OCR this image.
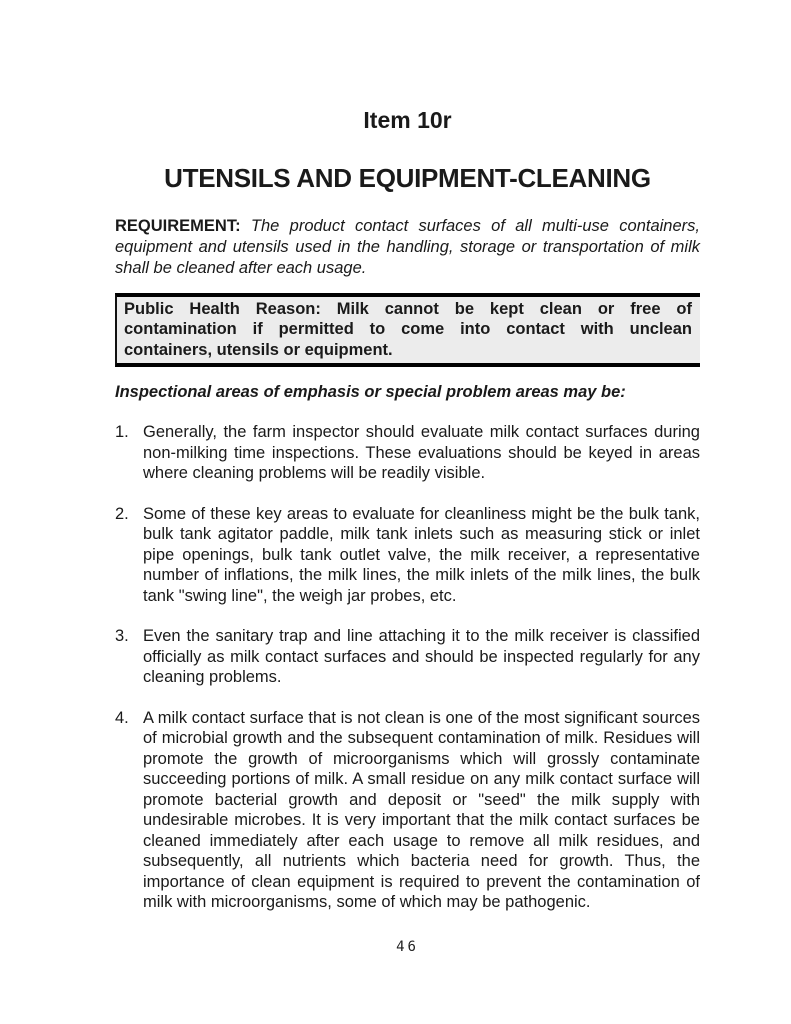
Item 10r
UTENSILS AND EQUIPMENT-CLEANING

REQUIREMENT: The product contact surfaces of all multi-use containers, equipment and utensils used in the handling, storage or transportation of milk shall be cleaned after each usage.

Public Health Reason: Milk cannot be kept clean or free of contamination if permitted to come into contact with unclean containers, utensils or equipment.

Inspectional areas of emphasis or special problem areas may be:

1. Generally, the farm inspector should evaluate milk contact surfaces during non-milking time inspections. These evaluations should be keyed in areas where cleaning problems will be readily visible.
2. Some of these key areas to evaluate for cleanliness might be the bulk tank, bulk tank agitator paddle, milk tank inlets such as measuring stick or inlet pipe openings, bulk tank outlet valve, the milk receiver, a representative number of inflations, the milk lines, the milk inlets of the milk lines, the bulk tank "swing line", the weigh jar probes, etc.
3. Even the sanitary trap and line attaching it to the milk receiver is classified officially as milk contact surfaces and should be inspected regularly for any cleaning problems.
4. A milk contact surface that is not clean is one of the most significant sources of microbial growth and the subsequent contamination of milk. Residues will promote the growth of microorganisms which will grossly contaminate succeeding portions of milk. A small residue on any milk contact surface will promote bacterial growth and deposit or "seed" the milk supply with undesirable microbes. It is very important that the milk contact surfaces be cleaned immediately after each usage to remove all milk residues, and subsequently, all nutrients which bacteria need for growth. Thus, the importance of clean equipment is required to prevent the contamination of milk with microorganisms, some of which may be pathogenic.
46
